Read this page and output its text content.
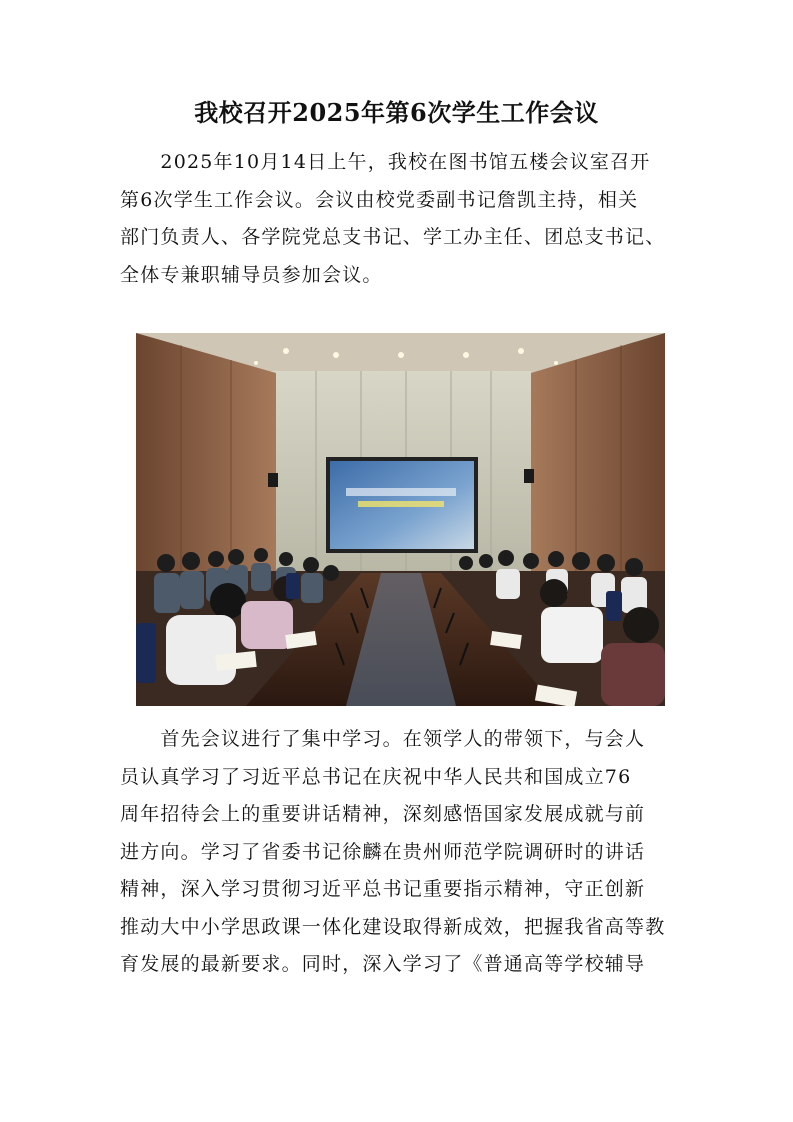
我校召开2025年第6次学生工作会议
　　2025年10月14日上午，我校在图书馆五楼会议室召开
第6次学生工作会议。会议由校党委副书记詹凯主持，相关
部门负责人、各学院党总支书记、学工办主任、团总支书记、
全体专兼职辅导员参加会议。
　　首先会议进行了集中学习。在领学人的带领下，与会人
员认真学习了习近平总书记在庆祝中华人民共和国成立76
周年招待会上的重要讲话精神，深刻感悟国家发展成就与前
进方向。学习了省委书记徐麟在贵州师范学院调研时的讲话
精神，深入学习贯彻习近平总书记重要指示精神，守正创新
推动大中小学思政课一体化建设取得新成效，把握我省高等教
育发展的最新要求。同时，深入学习了《普通高等学校辅导
